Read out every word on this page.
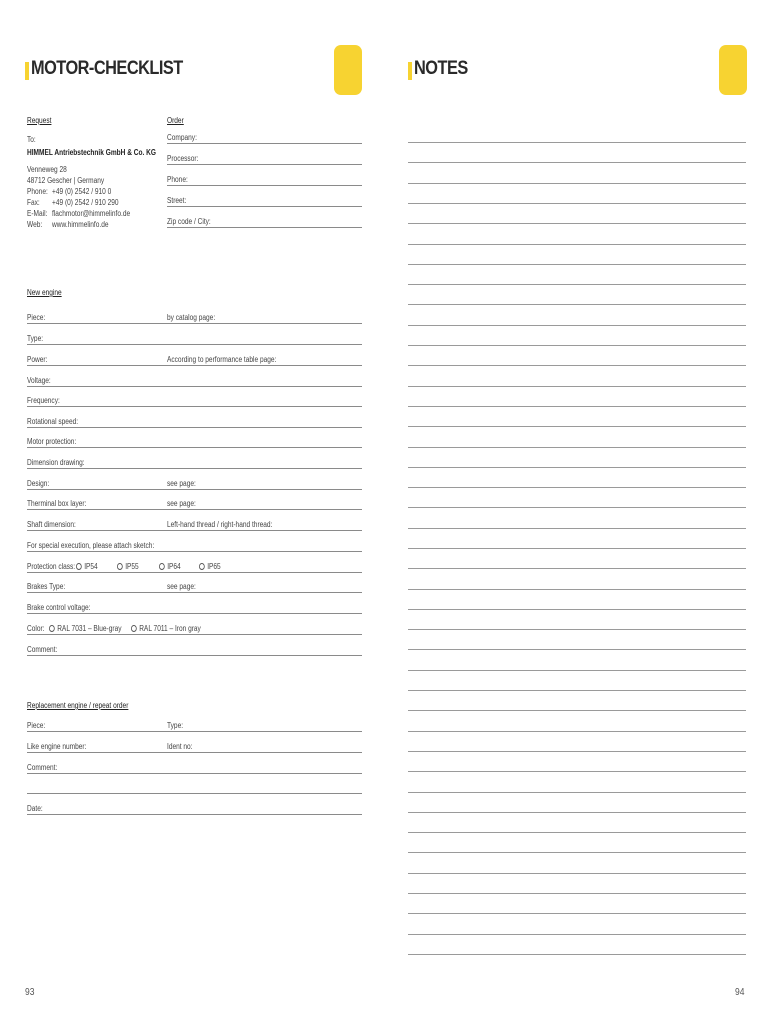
MOTOR-CHECKLIST
Request
To:
HIMMEL Antriebstechnik GmbH & Co. KG
Venneweg 28
48712 Gescher | Germany
Phone: +49 (0) 2542 / 910 0
Fax: +49 (0) 2542 / 910 290
E-Mail: flachmotor@himmelinfo.de
Web: www.himmelinfo.de
Order
Company:
Processor:
Phone:
Street:
Zip code / City:
New engine
Piece:	by catalog page:
Type:
Power:	According to performance table page:
Voltage:
Frequency:
Rotational speed:
Motor protection:
Dimension drawing:
Design:	see page:
Therminal box layer:	see page:
Shaft dimension:	Left-hand thread / right-hand thread:
For special execution, please attach sketch:
Protection class:	IP54	IP55	IP64	IP65
Brakes Type:	see page:
Brake control voltage:
Color:	RAL 7031 – Blue-gray	RAL 7011 – Iron gray
Comment:
Replacement engine / repeat order
Piece:	Type:
Like engine number:	Ident no:
Comment:
Date:
93
NOTES
94
